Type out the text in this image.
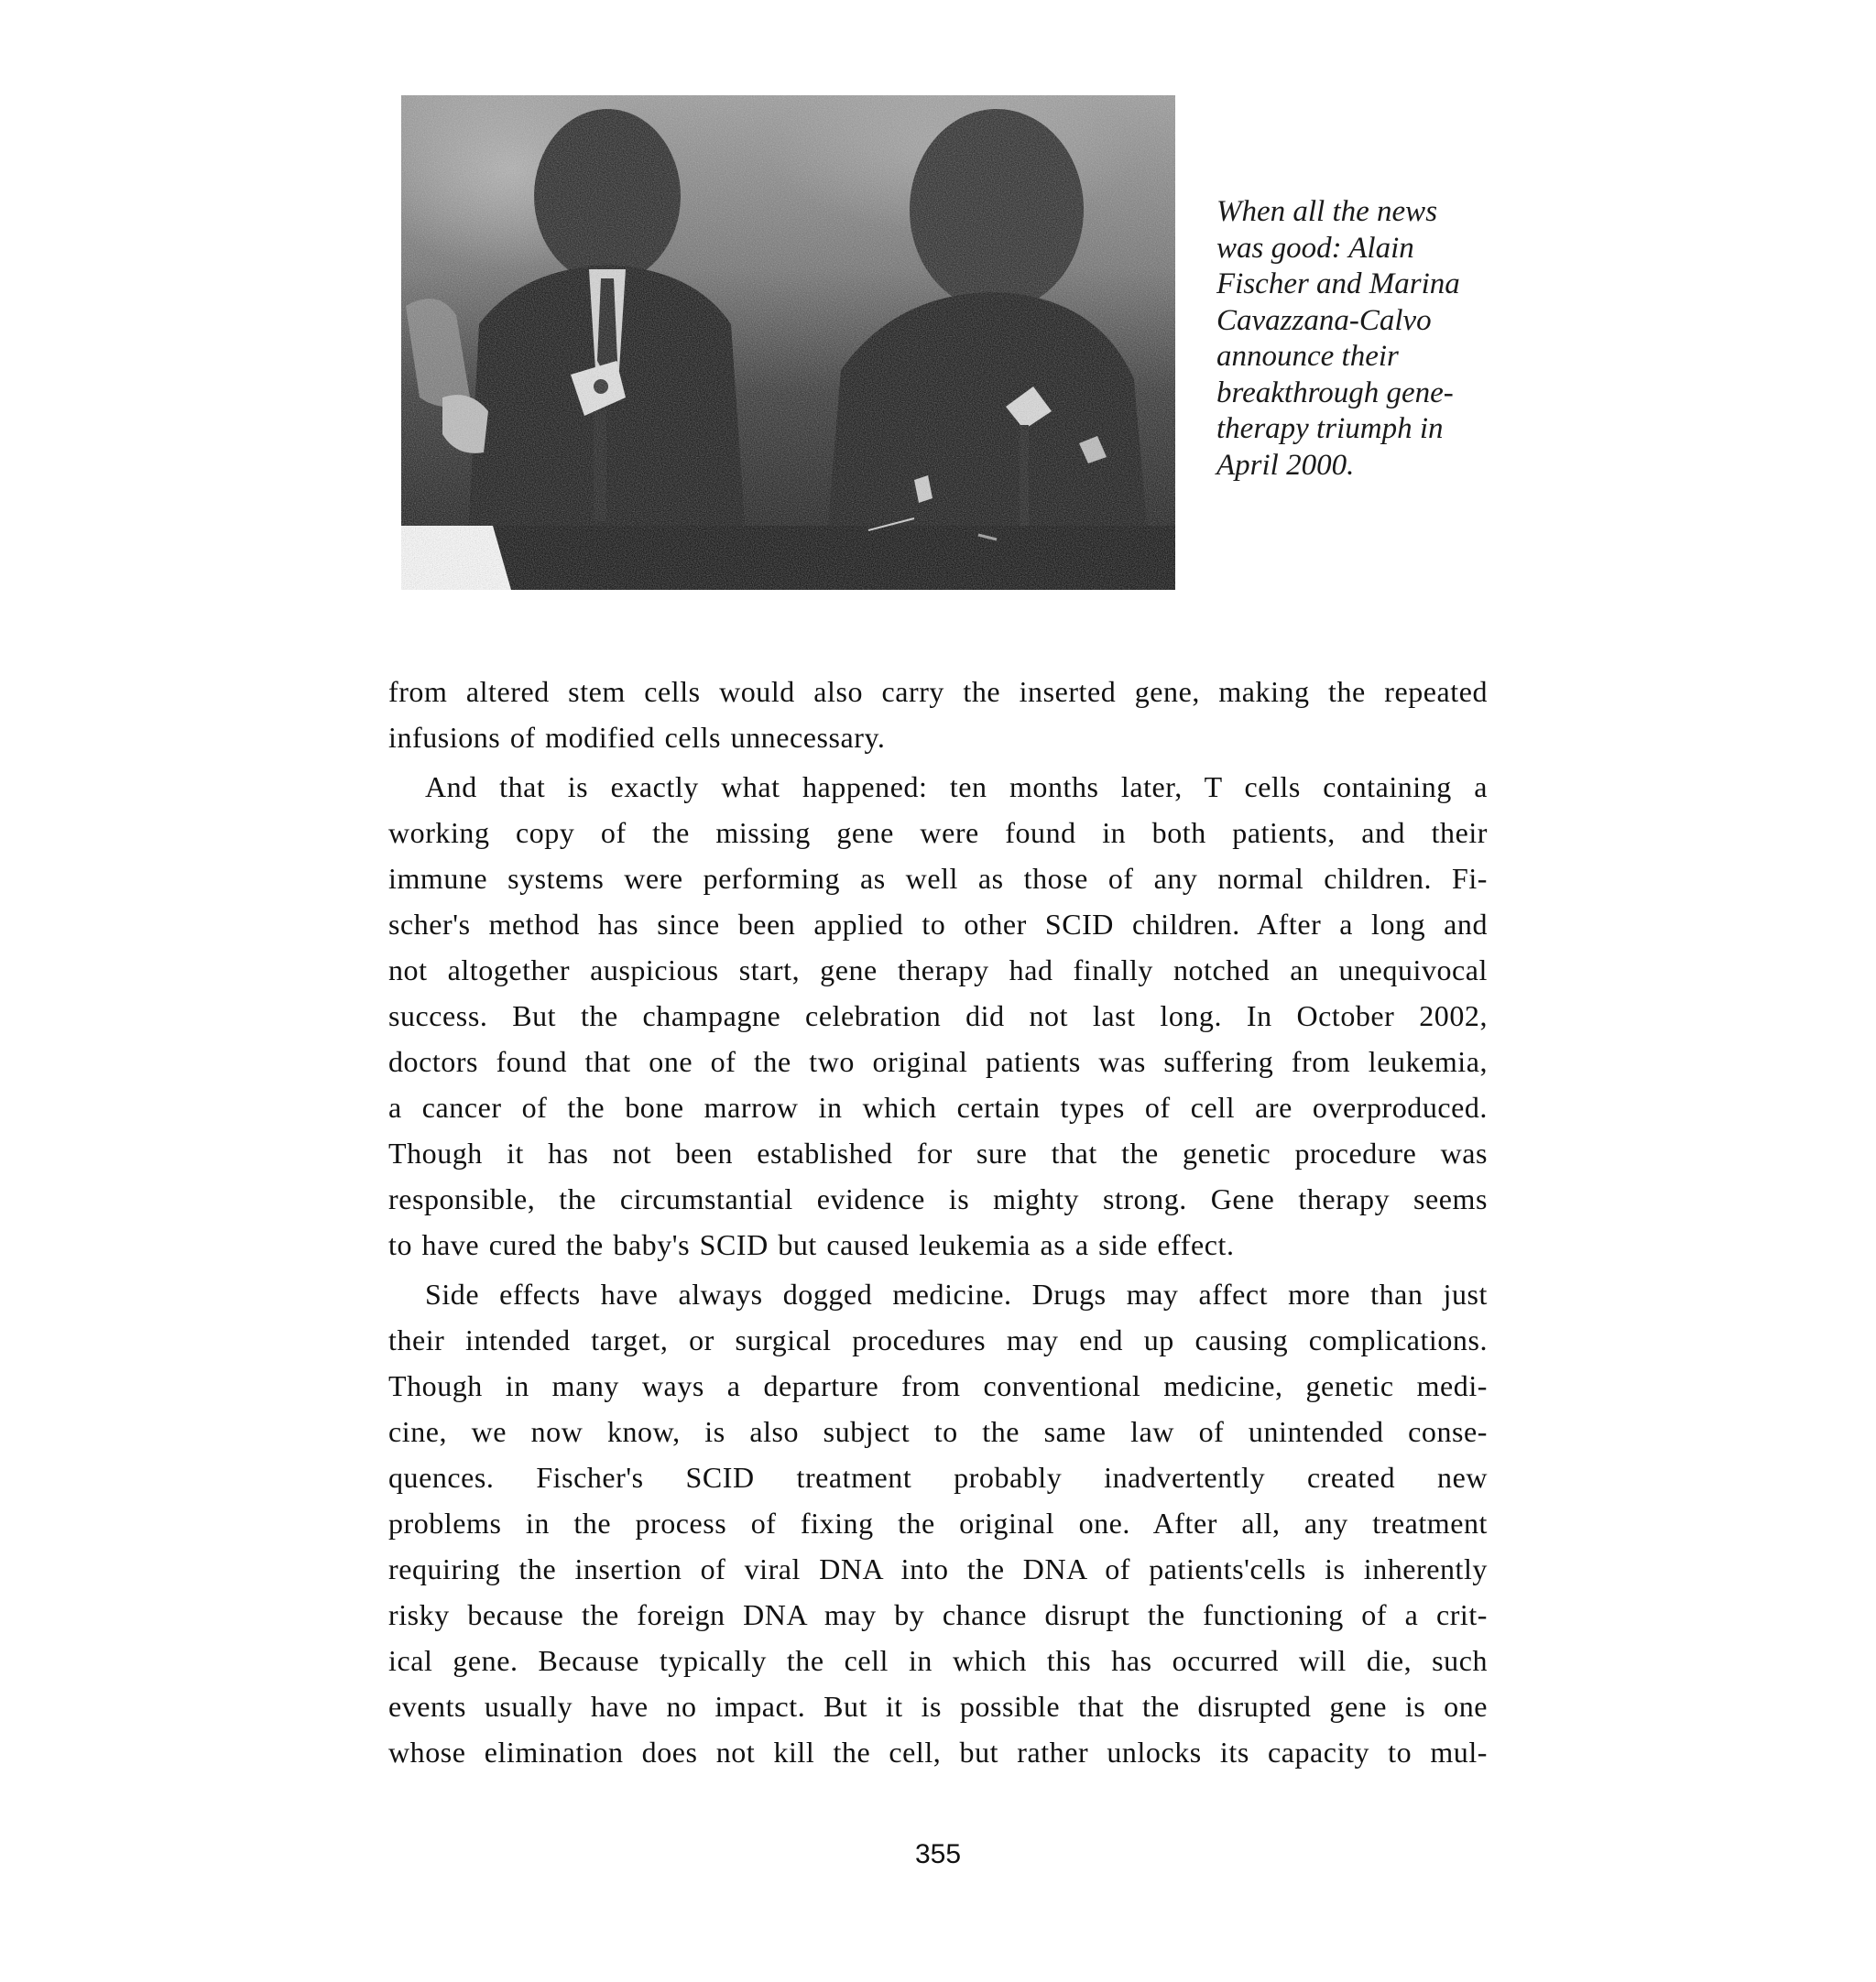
When all the news
was good: Alain
Fischer and Marina
Cavazzana-Calvo
announce their
breakthrough gene-
therapy triumph in
April 2000.
from altered stem cells would also carry the inserted gene, making the repeated
infusions of modified cells unnecessary.
And that is exactly what happened: ten months later, T cells containing a
working copy of the missing gene were found in both patients, and their
immune systems were performing as well as those of any normal children. Fi-
scher's method has since been applied to other SCID children. After a long and
not altogether auspicious start, gene therapy had finally notched an unequivocal
success. But the champagne celebration did not last long. In October 2002,
doctors found that one of the two original patients was suffering from leukemia,
a cancer of the bone marrow in which certain types of cell are overproduced.
Though it has not been established for sure that the genetic procedure was
responsible, the circumstantial evidence is mighty strong. Gene therapy seems
to have cured the baby's SCID but caused leukemia as a side effect.
Side effects have always dogged medicine. Drugs may affect more than just
their intended target, or surgical procedures may end up causing complications.
Though in many ways a departure from conventional medicine, genetic medi-
cine, we now know, is also subject to the same law of unintended conse-
quences. Fischer's SCID treatment probably inadvertently created new
problems in the process of fixing the original one. After all, any treatment
requiring the insertion of viral DNA into the DNA of patients'cells is inherently
risky because the foreign DNA may by chance disrupt the functioning of a crit-
ical gene. Because typically the cell in which this has occurred will die, such
events usually have no impact. But it is possible that the disrupted gene is one
whose elimination does not kill the cell, but rather unlocks its capacity to mul-
355
